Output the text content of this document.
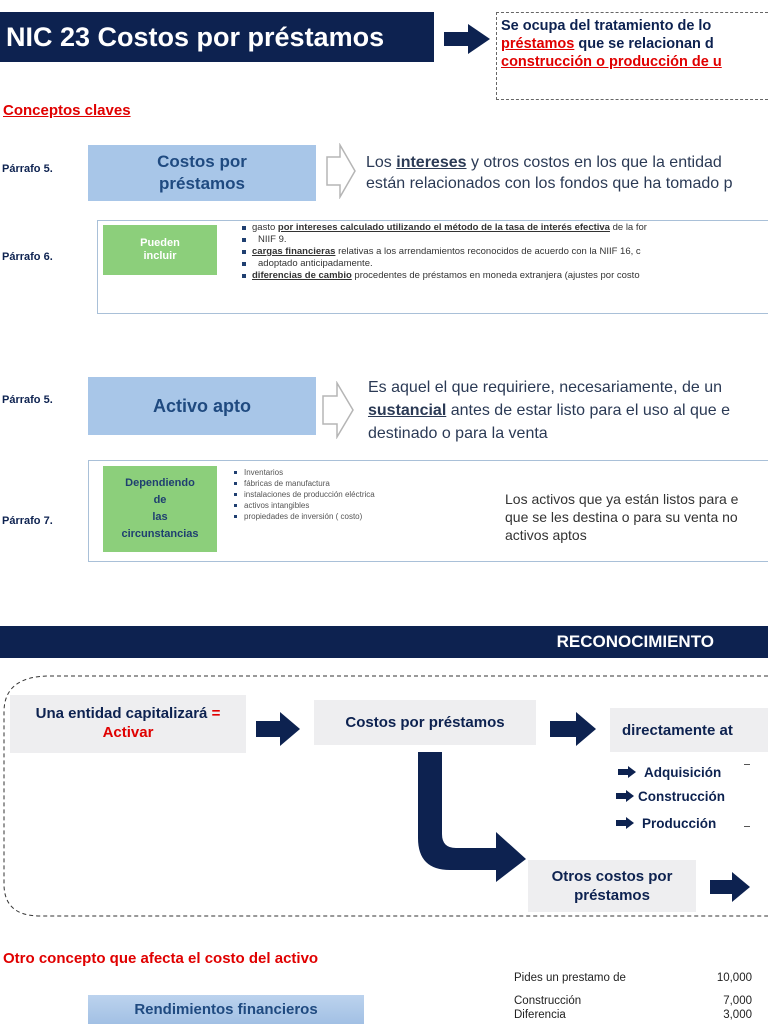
NIC 23 Costos por préstamos	Se ocupa del tratamiento de lo
préstamos que se relacionan d
construcción o producción de u
Conceptos claves
Párrafo 5.	Costos por préstamos
Los intereses y otros costos en los que la entidad
están relacionados con los fondos que ha tomado p
Párrafo 6.
Pueden incluir
gasto por intereses calculado utilizando el método de la tasa de interés efectiva de la for
NIIF 9.
cargas financieras relativas a los arrendamientos reconocidos de acuerdo con la NIIF 16, c
adoptado anticipadamente.
diferencias de cambio procedentes de préstamos en moneda extranjera (ajustes por costo
Párrafo 5.	Activo apto
Es aquel el que requiriere, necesariamente, de un
sustancial antes de estar listo para el uso al que e
destinado o para la venta
Párrafo 7.
Dependiendo
de
las
circunstancias
Inventarios
fábricas de manufactura
instalaciones de producción eléctrica
activos intangibles
propiedades de inversión ( costo)
Los activos que ya están listos para e
que se les destina o para su venta no
activos aptos
RECONOCIMIENTO
Una entidad capitalizará =
Activar
Costos por préstamos	directamente at
Adquisición
Construcción
Producción
Otros costos por préstamos
Otro concepto que afecta el costo del activo
Rendimientos financieros
Pides un prestamo de	10,000
Construcción	7,000
Diferencia	3,000
